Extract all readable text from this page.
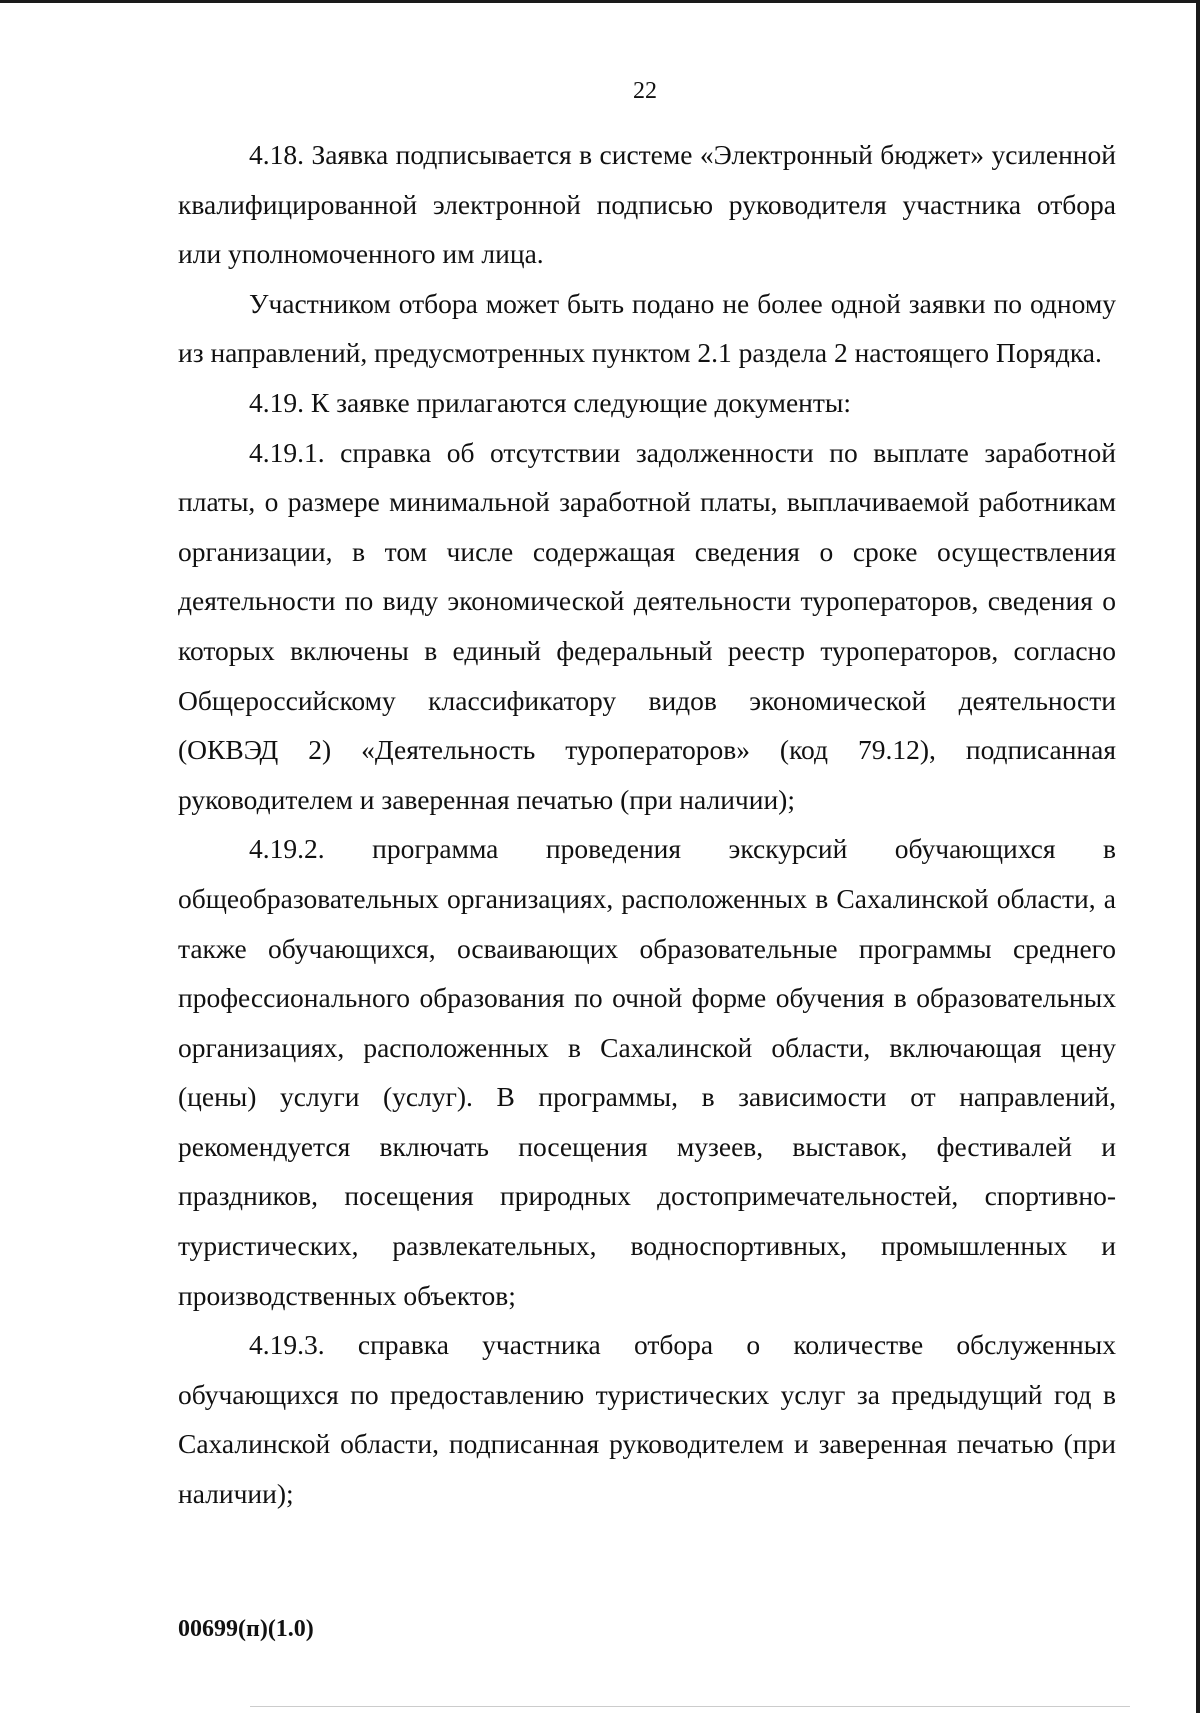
22

4.18. Заявка подписывается в системе «Электронный бюджет» усиленной квалифицированной электронной подписью руководителя участника отбора или уполномоченного им лица.

Участником отбора может быть подано не более одной заявки по одному из направлений, предусмотренных пунктом 2.1 раздела 2 настоящего Порядка.

4.19. К заявке прилагаются следующие документы:

4.19.1. справка об отсутствии задолженности по выплате заработной платы, о размере минимальной заработной платы, выплачиваемой работникам организации, в том числе содержащая сведения о сроке осуществления деятельности по виду экономической деятельности туроператоров, сведения о которых включены в единый федеральный реестр туроператоров, согласно Общероссийскому классификатору видов экономической деятельности (ОКВЭД 2) «Деятельность туроператоров» (код 79.12), подписанная руководителем и заверенная печатью (при наличии);

4.19.2. программа проведения экскурсий обучающихся в общеобразовательных организациях, расположенных в Сахалинской области, а также обучающихся, осваивающих образовательные программы среднего профессионального образования по очной форме обучения в образовательных организациях, расположенных в Сахалинской области, включающая цену (цены) услуги (услуг). В программы, в зависимости от направлений, рекомендуется включать посещения музеев, выставок, фестивалей и праздников, посещения природных достопримечательностей, спортивно-туристических, развлекательных, водноспортивных, промышленных и производственных объектов;

4.19.3. справка участника отбора о количестве обслуженных обучающихся по предоставлению туристических услуг за предыдущий год в Сахалинской области, подписанная руководителем и заверенная печатью (при наличии);

00699(п)(1.0)
